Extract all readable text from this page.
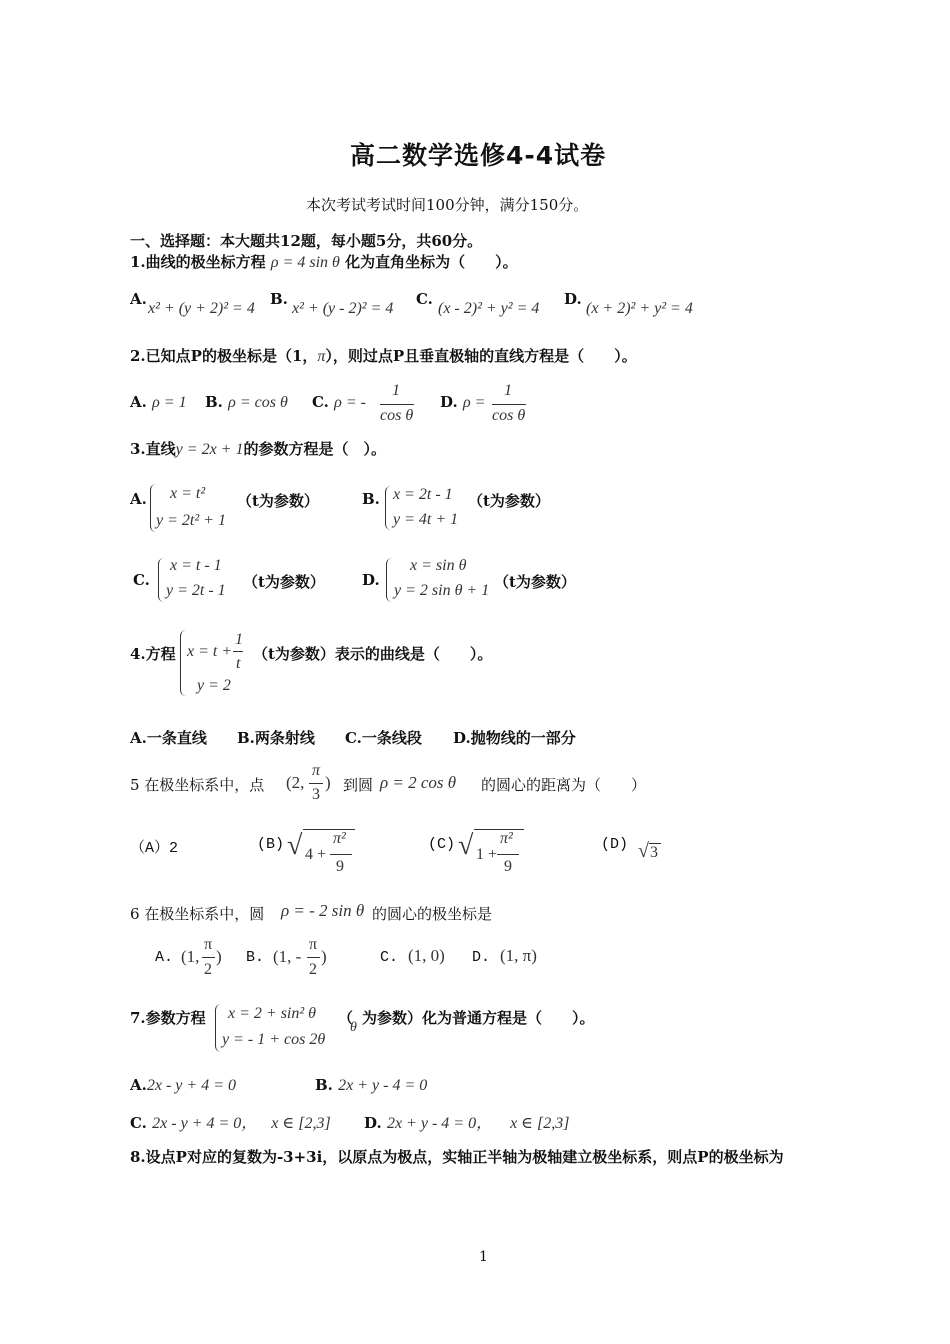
高二数学选修4-4试卷
本次考试考试时间100分钟，满分150分。
一、选择题：本大题共12题，每小题5分，共60分。
1.曲线的极坐标方程 ρ = 4 sin θ 化为直角坐标为（　　）。
A.
x² + (y + 2)² = 4
B.
x² + (y - 2)² = 4
C.
(x - 2)² + y² = 4
D.
(x + 2)² + y² = 4
2.已知点P的极坐标是（1，π），则过点P且垂直极轴的直线方程是（　　）。
A. ρ = 1 B. ρ = cos θ C. ρ = -
1
cos θ
D. ρ =
1
cos θ
3.直线y = 2x + 1的参数方程是（　）。
A. x = t²
y = 2t² + 1
（t为参数）	B. x = 2t - 1
y = 4t + 1
（t为参数）
C.
x = t - 1
y = 2t - 1 （t为参数） D.
x = sin θ
y = 2 sin θ + 1 （t为参数）
4.方程 x = t +
1
t
y = 2
（t为参数）表示的曲线是（　　）。
A.一条直线 B.两条射线 C.一条线段 D.抛物线的一部分
5 在极坐标系中，点 (2,
π
3
) 到圆 ρ = 2 cos θ 的圆心的距离为（　　）
（A）2	(B) √ 4 +
π²
9
(C) √ 1 +
π²
9
(D) √ 3
6 在极坐标系中，圆 ρ = - 2 sin θ 的圆心的极坐标是
A. (1,
π
2
) B. (1, -
π
2
)	C. (1, 0) D. (1, π)
7.参数方程 x = 2 + sin² θ
y = - 1 + cos 2θ
（
θ
为参数）化为普通方程是（　　）。
A.2x - y + 4 = 0	B. 2x + y - 4 = 0
C. 2x - y + 4 = 0， x ∈ [2,3] D. 2x + y - 4 = 0， x ∈ [2,3]
8.设点P对应的复数为-3+3i，以原点为极点，实轴正半轴为极轴建立极坐标系，则点P的极坐标为
1
